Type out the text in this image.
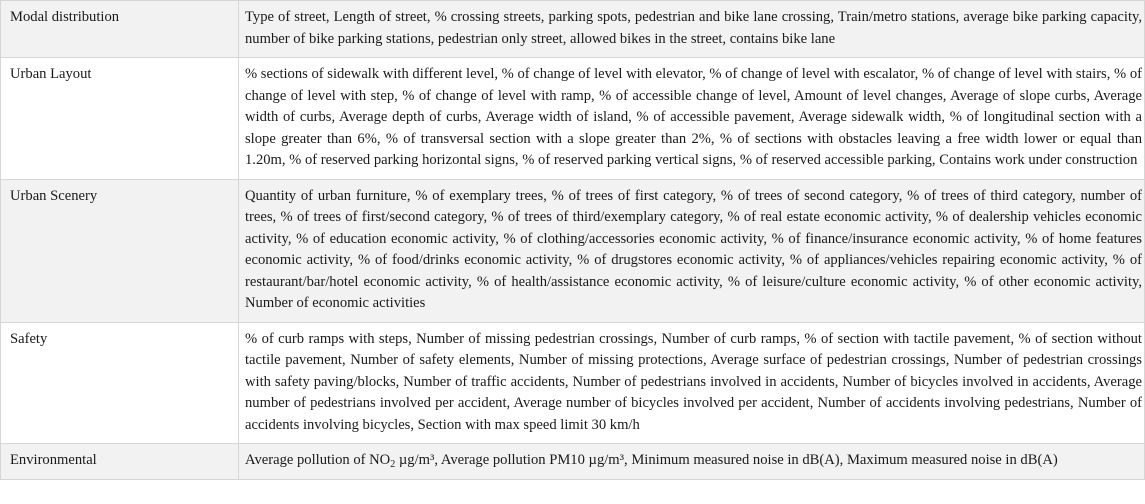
Modal distribution	Type of street, Length of street, % crossing streets, parking spots, pedestrian and bike lane crossing, Train/metro stations, average bike parking capacity, number of bike parking stations, pedestrian only street, allowed bikes in the street, contains bike lane
Urban Layout	% sections of sidewalk with different level, % of change of level with elevator, % of change of level with escalator, % of change of level with stairs, % of change of level with step, % of change of level with ramp, % of accessible change of level, Amount of level changes, Average of slope curbs, Average width of curbs, Average depth of curbs, Average width of island, % of accessible pavement, Average sidewalk width, % of longitudinal section with a slope greater than 6%, % of transversal section with a slope greater than 2%, % of sections with obstacles leaving a free width lower or equal than 1.20m, % of reserved parking horizontal signs, % of reserved parking vertical signs, % of reserved accessible parking, Contains work under construction
Urban Scenery	Quantity of urban furniture, % of exemplary trees, % of trees of first category, % of trees of second category, % of trees of third category, number of trees, % of trees of first/second category, % of trees of third/exemplary category, % of real estate economic activity, % of dealership vehicles economic activity, % of education economic activity, % of clothing/accessories economic activity, % of finance/insurance economic activity, % of home features economic activity, % of food/drinks economic activity, % of drugstores economic activity, % of appliances/vehicles repairing economic activity, % of restaurant/bar/hotel economic activity, % of health/assistance economic activity, % of leisure/culture economic activity, % of other economic activity, Number of economic activities
Safety	% of curb ramps with steps, Number of missing pedestrian crossings, Number of curb ramps, % of section with tactile pavement, % of section without tactile pavement, Number of safety elements, Number of missing protections, Average surface of pedestrian crossings, Number of pedestrian crossings with safety paving/blocks, Number of traffic accidents, Number of pedestrians involved in accidents, Number of bicycles involved in accidents, Average number of pedestrians involved per accident, Average number of bicycles involved per accident, Number of accidents involving pedestrians, Number of accidents involving bicycles, Section with max speed limit 30 km/h
Environmental	Average pollution of $NO_2$ µg/m³, Average pollution PM10 µg/m³, Minimum measured noise in dB(A), Maximum measured noise in dB(A)
